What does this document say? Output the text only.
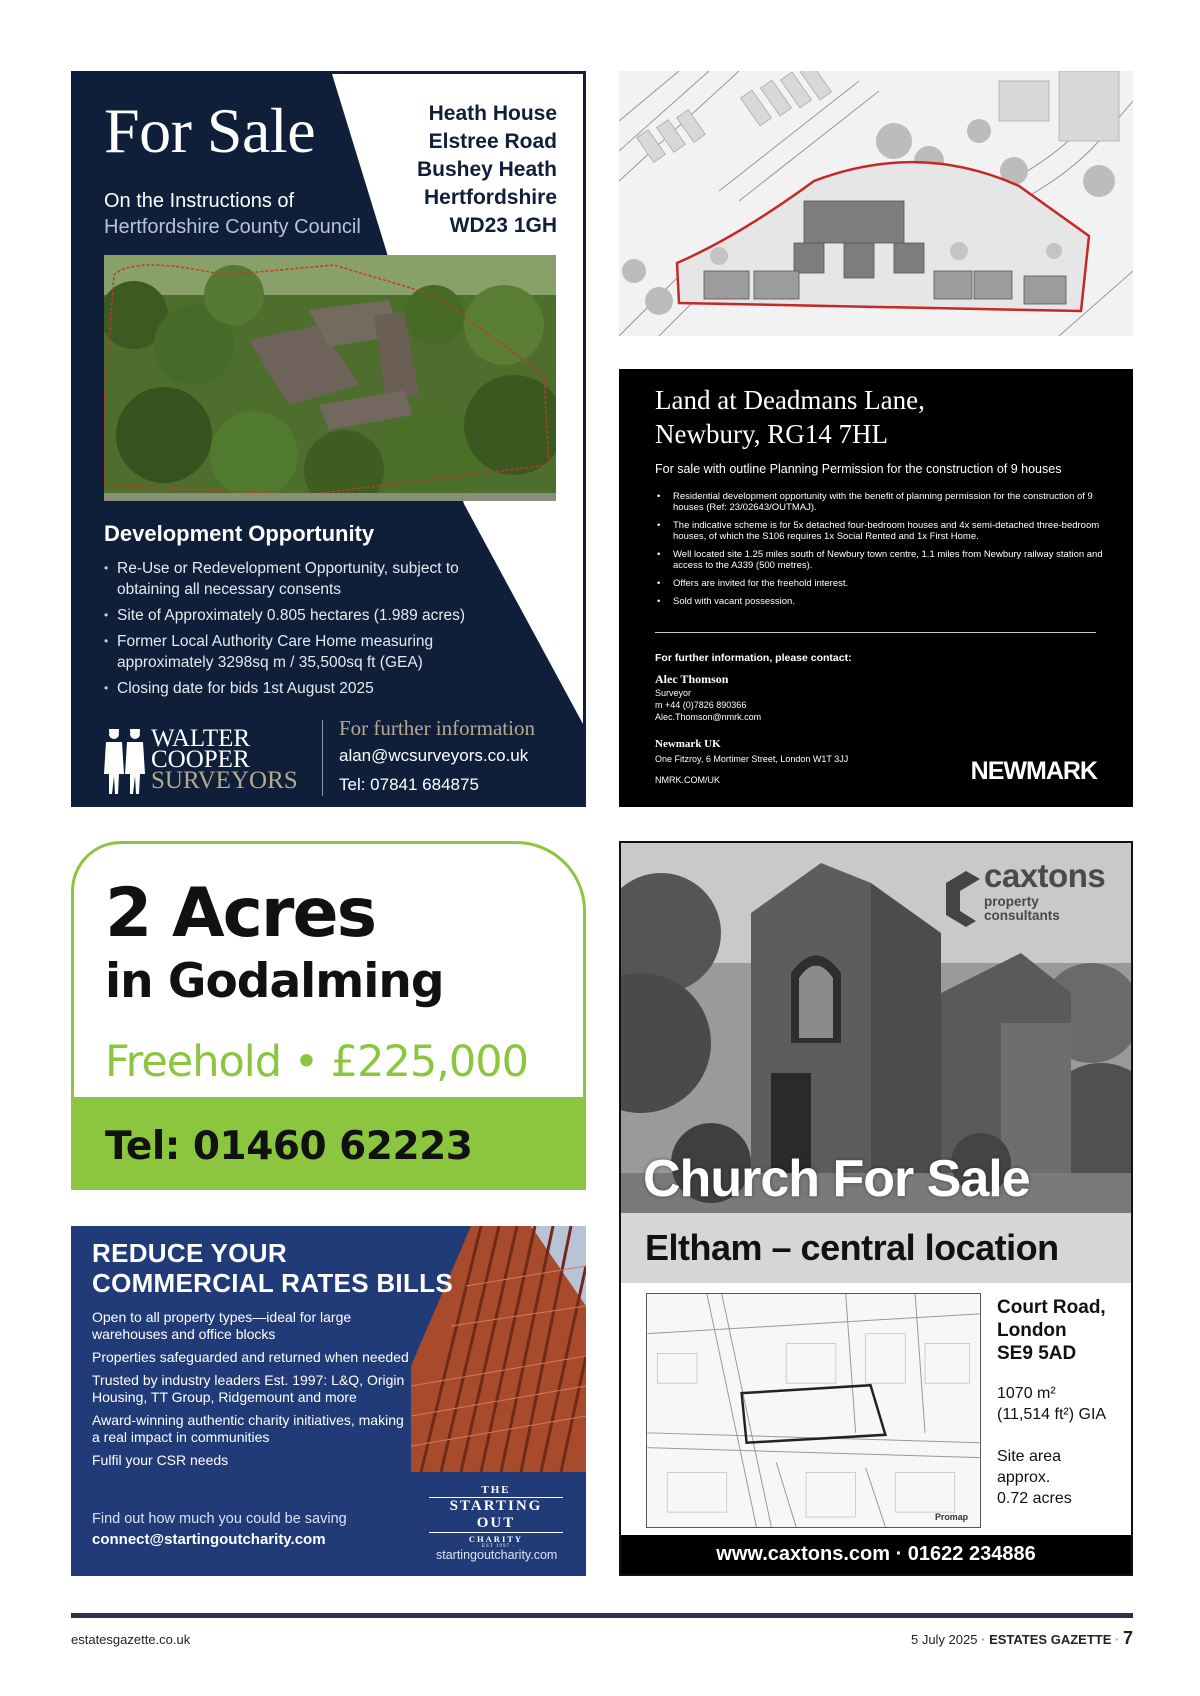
For Sale
On the Instructions of
Hertfordshire County Council
Heath House
Elstree Road
Bushey Heath
Hertfordshire
WD23 1GH
Development Opportunity
• Re-Use or Redevelopment Opportunity, subject to obtaining all necessary consents
• Site of Approximately 0.805 hectares (1.989 acres)
• Former Local Authority Care Home measuring approximately 3298sq m / 35,500sq ft (GEA)
• Closing date for bids 1st August 2025
WALTER
COOPER
SURVEYORS
For further information
alan@wcsurveyors.co.uk
Tel: 07841 684875
Land at Deadmans Lane,
Newbury, RG14 7HL
For sale with outline Planning Permission for the construction of 9 houses
• Residential development opportunity with the benefit of planning permission for the construction of 9 houses (Ref: 23/02643/OUTMAJ).
• The indicative scheme is for 5x detached four-bedroom houses and 4x semi-detached three-bedroom houses, of which the S106 requires 1x Social Rented and 1x First Home.
• Well located site 1.25 miles south of Newbury town centre, 1.1 miles from Newbury railway station and access to the A339 (500 metres).
• Offers are invited for the freehold interest.
• Sold with vacant possession.
For further information, please contact:
Alec Thomson
Surveyor
m +44 (0)7826 890366
Alec.Thomson@nmrk.com
Newmark UK
One Fitzroy, 6 Mortimer Street, London W1T 3JJ
NMRK.COM/UK	NEWMARK
2 Acres
in Godalming
Freehold • £225,000
Tel: 01460 62223
caxtons
property
consultants
Church For Sale
Eltham – central location
Promap
Court Road,
London
SE9 5AD
1070 m²
(11,514 ft²) GIA
Site area
approx.
0.72 acres
www.caxtons.com · 01622 234886
REDUCE YOUR
COMMERCIAL RATES BILLS

Open to all property types—ideal for large warehouses and office blocks

Properties safeguarded and returned when needed

Trusted by industry leaders Est. 1997: L&Q, Origin Housing, TT Group, Ridgemount and more

Award-winning authentic charity initiatives, making a real impact in communities

Fulfil your CSR needs

Find out how much you could be saving
connect@startingoutcharity.com
THE
STARTING OUT
CHARITY
· EST 1997 ·
startingoutcharity.com
estatesgazette.co.uk	5 July 2025 · ESTATES GAZETTE · 7
